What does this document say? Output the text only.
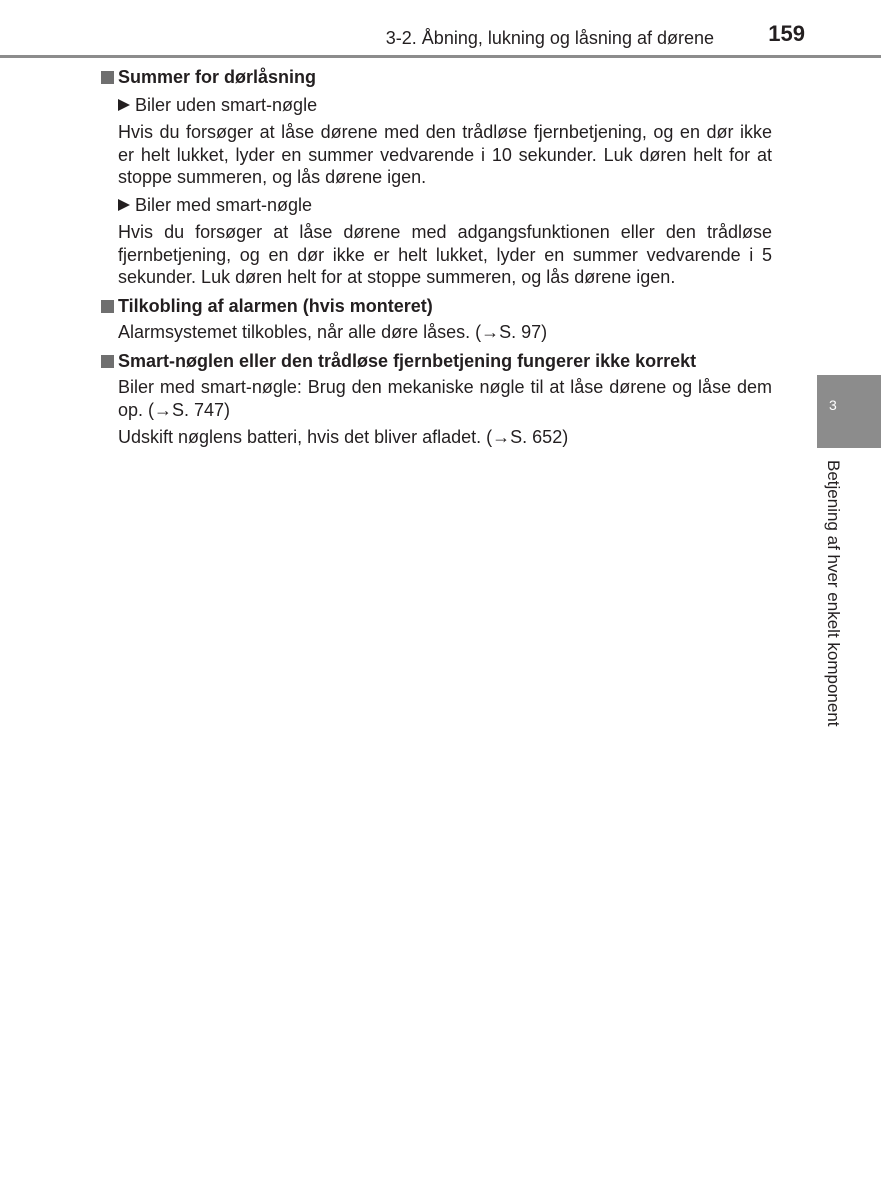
3-2. Åbning, lukning og låsning af dørene 159
Summer for dørlåsning
Biler uden smart-nøgle

Hvis du forsøger at låse dørene med den trådløse fjernbetjening, og en dør ikke er helt lukket, lyder en summer vedvarende i 10 sekunder. Luk døren helt for at stoppe summeren, og lås dørene igen.

Biler med smart-nøgle

Hvis du forsøger at låse dørene med adgangsfunktionen eller den trådløse fjernbetjening, og en dør ikke er helt lukket, lyder en summer vedvarende i 5 sekunder. Luk døren helt for at stoppe summeren, og lås dørene igen.

Tilkobling af alarmen (hvis monteret)

Alarmsystemet tilkobles, når alle døre låses. (→S. 97)

Smart-nøglen eller den trådløse fjernbetjening fungerer ikke korrekt

Biler med smart-nøgle: Brug den mekaniske nøgle til at låse dørene og låse dem op. (→S. 747)

Udskift nøglens batteri, hvis det bliver afladet. (→S. 652)

3
Betjening af hver enkelt komponent
